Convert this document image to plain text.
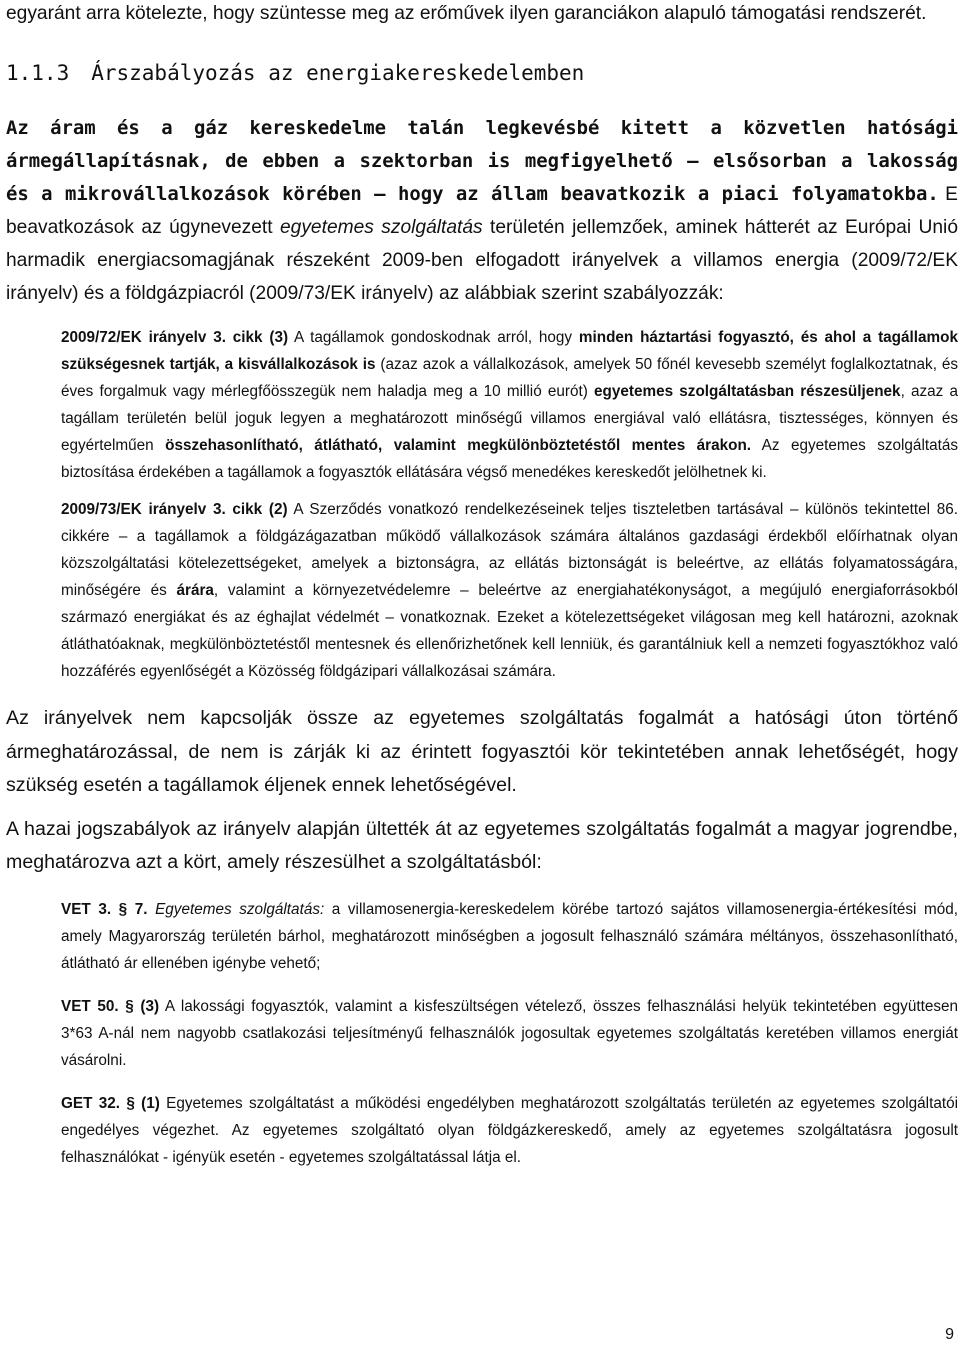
egyaránt arra kötelezte, hogy szüntesse meg az erőművek ilyen garanciákon alapuló támogatási rendszerét.

1.1.3 Árszabályozás az energiakereskedelemben

Az áram és a gáz kereskedelme talán legkevésbé kitett a közvetlen hatósági ármegállapításnak, de ebben a szektorban is megfigyelhető – elsősorban a lakosság és a mikrovállalkozások körében – hogy az állam beavatkozik a piaci folyamatokba. E beavatkozások az úgynevezett egyetemes szolgáltatás területén jellemzőek, aminek hátterét az Európai Unió harmadik energiacsomagjának részeként 2009-ben elfogadott irányelvek a villamos energia (2009/72/EK irányelv) és a földgázpiacról (2009/73/EK irányelv) az alábbiak szerint szabályozzák:

2009/72/EK irányelv 3. cikk (3) A tagállamok gondoskodnak arról, hogy minden háztartási fogyasztó, és ahol a tagállamok szükségesnek tartják, a kisvállalkozások is (azaz azok a vállalkozások, amelyek 50 főnél kevesebb személyt foglalkoztatnak, és éves forgalmuk vagy mérlegfőösszegük nem haladja meg a 10 millió eurót) egyetemes szolgáltatásban részesüljenek, azaz a tagállam területén belül joguk legyen a meghatározott minőségű villamos energiával való ellátásra, tisztességes, könnyen és egyértelműen összehasonlítható, átlátható, valamint megkülönböztetéstől mentes árakon. Az egyetemes szolgáltatás biztosítása érdekében a tagállamok a fogyasztók ellátására végső menedékes kereskedőt jelölhetnek ki.

2009/73/EK irányelv 3. cikk (2) A Szerződés vonatkozó rendelkezéseinek teljes tiszteletben tartásával – különös tekintettel 86. cikkére – a tagállamok a földgázágazatban működő vállalkozások számára általános gazdasági érdekből előírhatnak olyan közszolgáltatási kötelezettségeket, amelyek a biztonságra, az ellátás biztonságát is beleértve, az ellátás folyamatosságára, minőségére és árára, valamint a környezetvédelemre – beleértve az energiahatékonyságot, a megújuló energiaforrásokból származó energiákat és az éghajlat védelmét – vonatkoznak. Ezeket a kötelezettségeket világosan meg kell határozni, azoknak átláthatóaknak, megkülönböztetéstől mentesnek és ellenőrizhetőnek kell lenniük, és garantálniuk kell a nemzeti fogyasztókhoz való hozzáférés egyenlőségét a Közösség földgázipari vállalkozásai számára.

Az irányelvek nem kapcsolják össze az egyetemes szolgáltatás fogalmát a hatósági úton történő ármeghatározással, de nem is zárják ki az érintett fogyasztói kör tekintetében annak lehetőségét, hogy szükség esetén a tagállamok éljenek ennek lehetőségével.

A hazai jogszabályok az irányelv alapján ültették át az egyetemes szolgáltatás fogalmát a magyar jogrendbe, meghatározva azt a kört, amely részesülhet a szolgáltatásból:

VET 3. § 7. Egyetemes szolgáltatás: a villamosenergia-kereskedelem körébe tartozó sajátos villamosenergia-értékesítési mód, amely Magyarország területén bárhol, meghatározott minőségben a jogosult felhasználó számára méltányos, összehasonlítható, átlátható ár ellenében igénybe vehető;

VET 50. § (3) A lakossági fogyasztók, valamint a kisfeszültségen vételező, összes felhasználási helyük tekintetében együttesen 3*63 A-nál nem nagyobb csatlakozási teljesítményű felhasználók jogosultak egyetemes szolgáltatás keretében villamos energiát vásárolni.

GET 32. § (1) Egyetemes szolgáltatást a működési engedélyben meghatározott szolgáltatás területén az egyetemes szolgáltatói engedélyes végezhet. Az egyetemes szolgáltató olyan földgázkereskedő, amely az egyetemes szolgáltatásra jogosult felhasználókat - igényük esetén - egyetemes szolgáltatással látja el.

9
